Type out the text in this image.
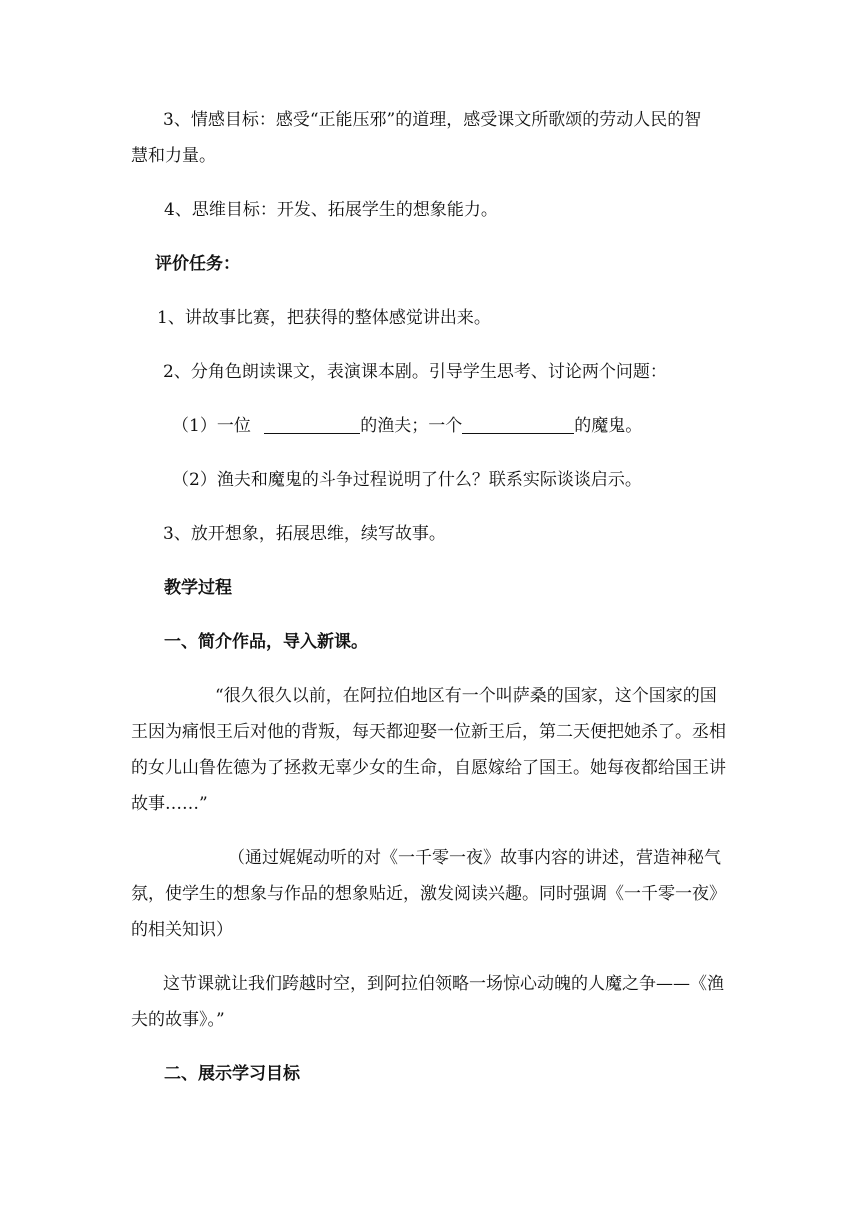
3、情感目标：感受“正能压邪”的道理，感受课文所歌颂的劳动人民的智
慧和力量。
4、思维目标：开发、拓展学生的想象能力。
评价任务：
1、讲故事比赛，把获得的整体感觉讲出来。
2、分角色朗读课文，表演课本剧。引导学生思考、讨论两个问题：
（1）一位	的渔夫；一个	的魔鬼。
（2）渔夫和魔鬼的斗争过程说明了什么？联系实际谈谈启示。
3、放开想象，拓展思维，续写故事。
教学过程
一、简介作品，导入新课。
“很久很久以前，在阿拉伯地区有一个叫萨桑的国家，这个国家的国
王因为痛恨王后对他的背叛，每天都迎娶一位新王后，第二天便把她杀了。丞相
的女儿山鲁佐德为了拯救无辜少女的生命，自愿嫁给了国王。她每夜都给国王讲
故事……”
（通过娓娓动听的对《一千零一夜》故事内容的讲述，营造神秘气
氛，使学生的想象与作品的想象贴近，激发阅读兴趣。同时强调《一千零一夜》
的相关知识）
这节课就让我们跨越时空，到阿拉伯领略一场惊心动魄的人魔之争——《渔
夫的故事》。”
二、展示学习目标
